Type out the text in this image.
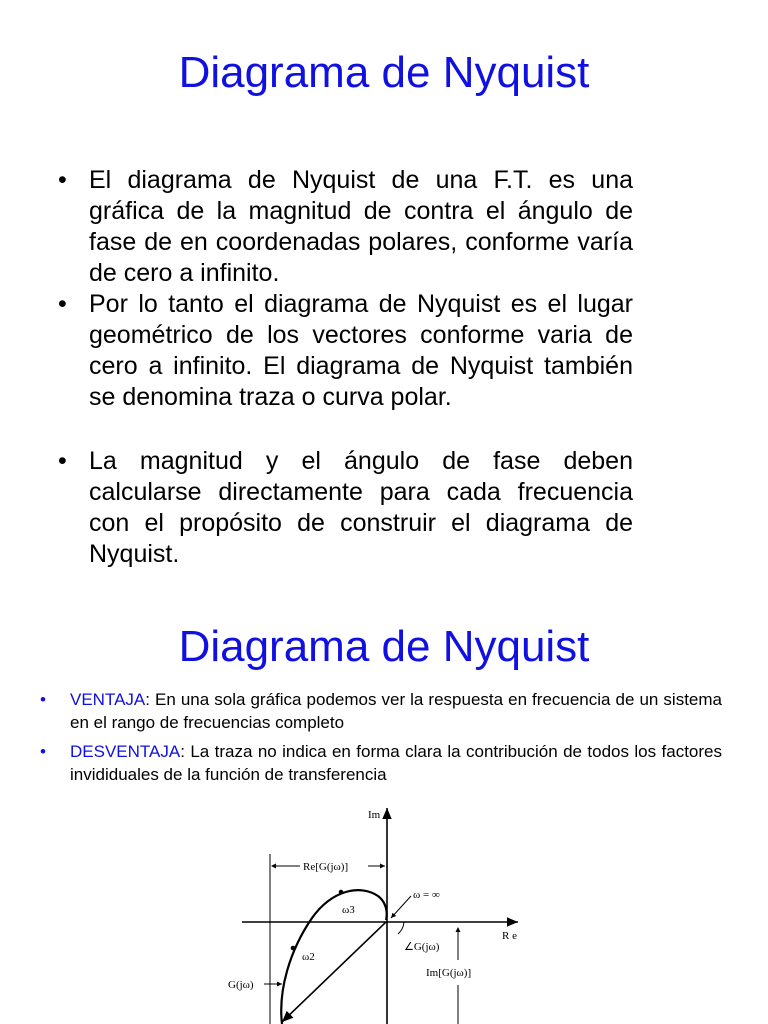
Diagrama de Nyquist
• El diagrama de Nyquist de una F.T. es una gráfica de la magnitud de contra el ángulo de fase de en coordenadas polares, conforme varía de cero a infinito.
• Por lo tanto el diagrama de Nyquist es el lugar geométrico de los vectores conforme varia de cero a infinito. El diagrama de Nyquist también se denomina traza o curva polar.
• La magnitud y el ángulo de fase deben calcularse directamente para cada frecuencia con el propósito de construir el diagrama de Nyquist.
Diagrama de Nyquist
• VENTAJA: En una sola gráfica podemos ver la respuesta en frecuencia de un sistema en el rango de frecuencias completo
• DESVENTAJA: La traza no indica en forma clara la contribución de todos los factores invididuales de la función de transferencia
Im
R e
Re[G(jω)]
ω = ∞
ω3
ω2
∠G(jω)
Im[G(jω)]
G(jω)
